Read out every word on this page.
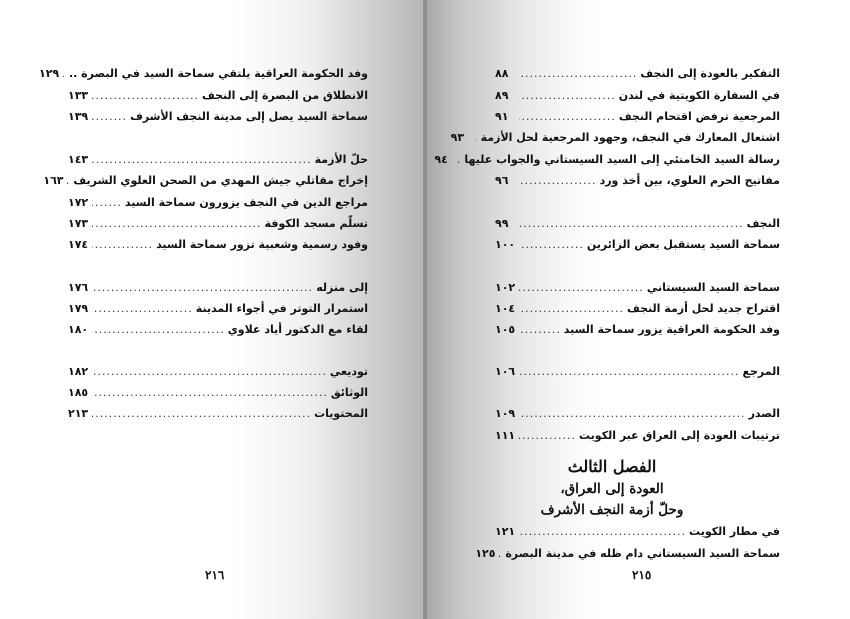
وفد الحكومة العراقية يلتقي سماحة السيد في البصرة ..
.....
١٢٩
الانطلاق من البصرة إلى النجف
.....
١٣٣
سماحة السيد يصل إلى مدينة النجف الأشرف
.....
١٣٩
حلّ الأزمة
.....
١٤٣
إخراج مقاتلي جيش المهدي من الصحن العلوي الشريف
.....
١٦٣
مراجع الدين في النجف يزورون سماحة السيد
.....
١٧٢
تسلّم مسجد الكوفة
.....
١٧٣
وفود رسمية وشعبية تزور سماحة السيد
.....
١٧٤
إلى منزله
.....
١٧٦
استمرار التوتر في أجواء المدينة
.....
١٧٩
لقاء مع الدكتور أياد علاوي
.....
١٨٠
توديعي
.....
١٨٢
الوثائق
.....
١٨٥
المحتويات
.....
٢١٣
التفكير بالعودة إلى النجف
.....
٨٨
في السفارة الكويتية في لندن
.....
٨٩
المرجعية ترفض اقتحام النجف
.....
٩١
اشتعال المعارك في النجف، وجهود المرجعية لحل الأزمة
.....
٩٣
رسالة السيد الخامنئي إلى السيد السيستاني والجواب عليها
.....
٩٤
مفاتيح الحرم العلوي، بين أخذ ورد
.....
٩٦
النجف
.....
٩٩
سماحة السيد يستقبل بعض الزائرين
.....
١٠٠
سماحة السيد السيستاني
.....
١٠٢
اقتراح جديد لحل أزمة النجف
.....
١٠٤
وفد الحكومة العراقية يزور سماحة السيد
.....
١٠٥
المرجع
.....
١٠٦
الصدر
.....
١٠٩
ترتيبات العودة إلى العراق عبر الكويت
.....
١١١
في مطار الكويت
.....
١٢١
سماحة السيد السيستاني دام ظله في مدينة البصرة
.....
١٢٥
الفصل الثالث
العودة إلى العراق،
وحلّ أزمة النجف الأشرف
٢١٦	٢١٥
